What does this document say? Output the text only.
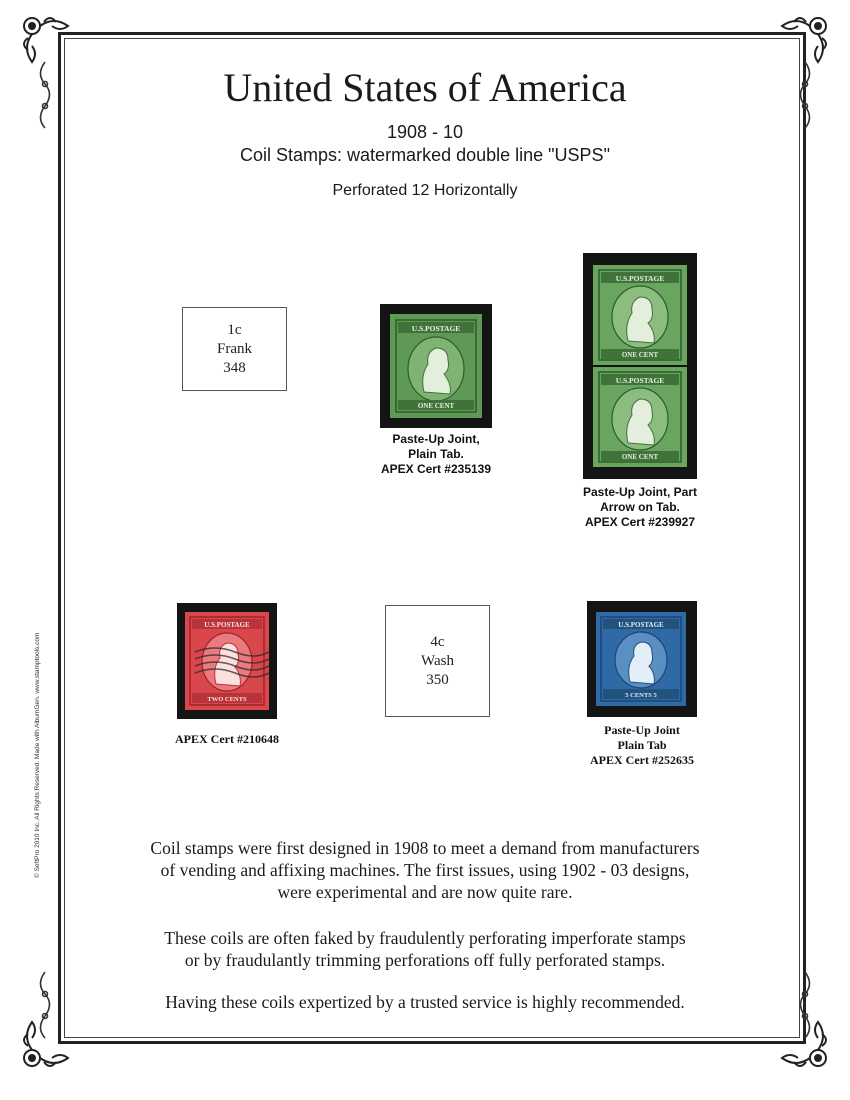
United States of America
1908 - 10
Coil Stamps: watermarked double line "USPS"
Perforated 12 Horizontally
1c
Frank
348
U.S.POSTAGE
ONE CENT
Paste-Up Joint,
Plain Tab.
APEX Cert #235139
U.S.POSTAGE
ONE CENT
U.S.POSTAGE
ONE CENT
Paste-Up Joint, Part
Arrow on Tab.
APEX Cert #239927
U.S.POSTAGE
TWO CENTS
APEX Cert #210648
4c
Wash
350
U.S.POSTAGE
5 CENTS 5
Paste-Up Joint
Plain Tab
APEX Cert #252635
Coil stamps were first designed in 1908 to meet a demand from manufacturers
of vending and affixing machines. The first issues, using 1902 - 03 designs,
were experimental and are now quite rare.
These coils are often faked by fraudulently perforating imperforate stamps
or by fraudulantly trimming perforations off fully perforated stamps.
Having these coils expertized by a trusted service is highly recommended.
© SoftPro 2010 Inc. All Rights Reserved. Made with AlbumGen. www.stamptools.com
